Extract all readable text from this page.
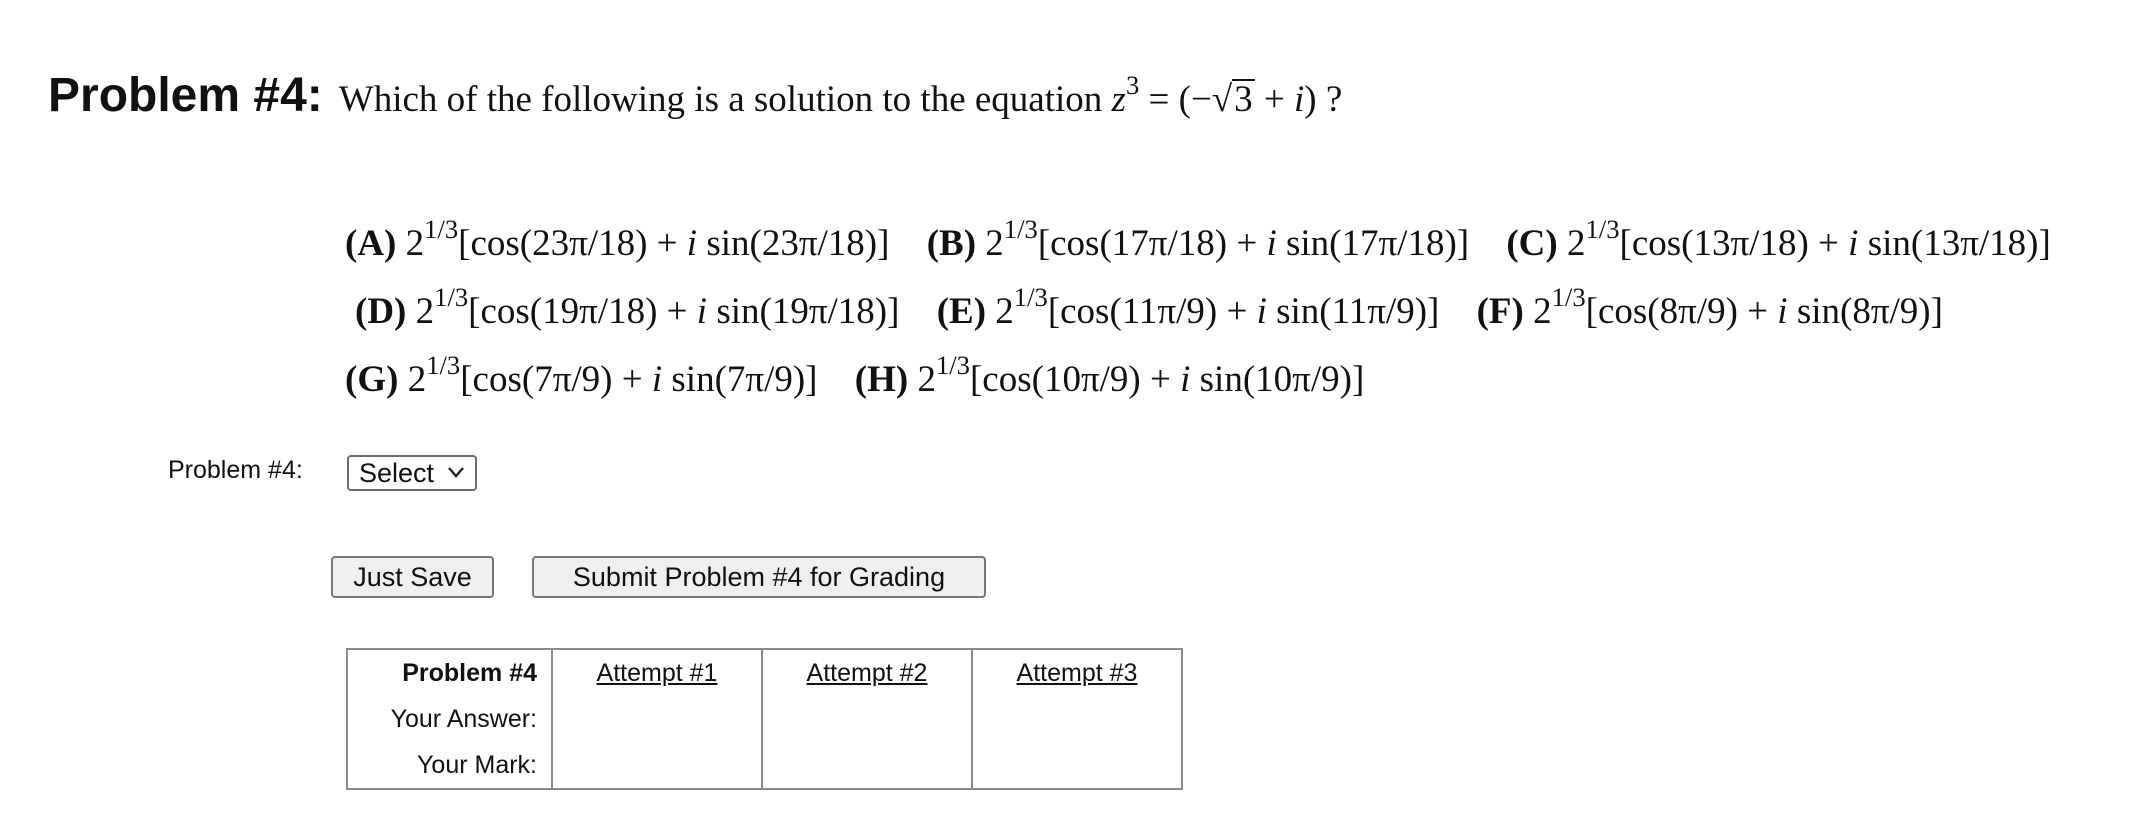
Problem #4: Which of the following is a solution to the equation $z^3 = (-√3 + i)$ ?
(A) $2^{1/3}[\cos(23\pi/18) + i$ sin(23π/18)] (B) $2^{1/3}[\cos(17\pi/18) + i$ sin(17π/18)] (C) $2^{1/3}[\cos(13\pi/18) + i$ sin(13π/18)]
(D) $2^{1/3}[\cos(19\pi/18) + i$ sin(19π/18)] (E) $2^{1/3}[\cos(11\pi/9) + i$ sin(11π/9)] (F) $2^{1/3}[\cos(8\pi/9) + i$ sin(8π/9)]
(G) $2^{1/3}[\cos(7\pi/9) + i$ sin(7π/9)] (H) $2^{1/3}[\cos(10\pi/9) + i$ sin(10π/9)]
Problem #4:	Select
Just Save	Submit Problem #4 for Grading
Problem #4	Attempt #1	Attempt #2	Attempt #3
Your Answer:			
Your Mark:			
